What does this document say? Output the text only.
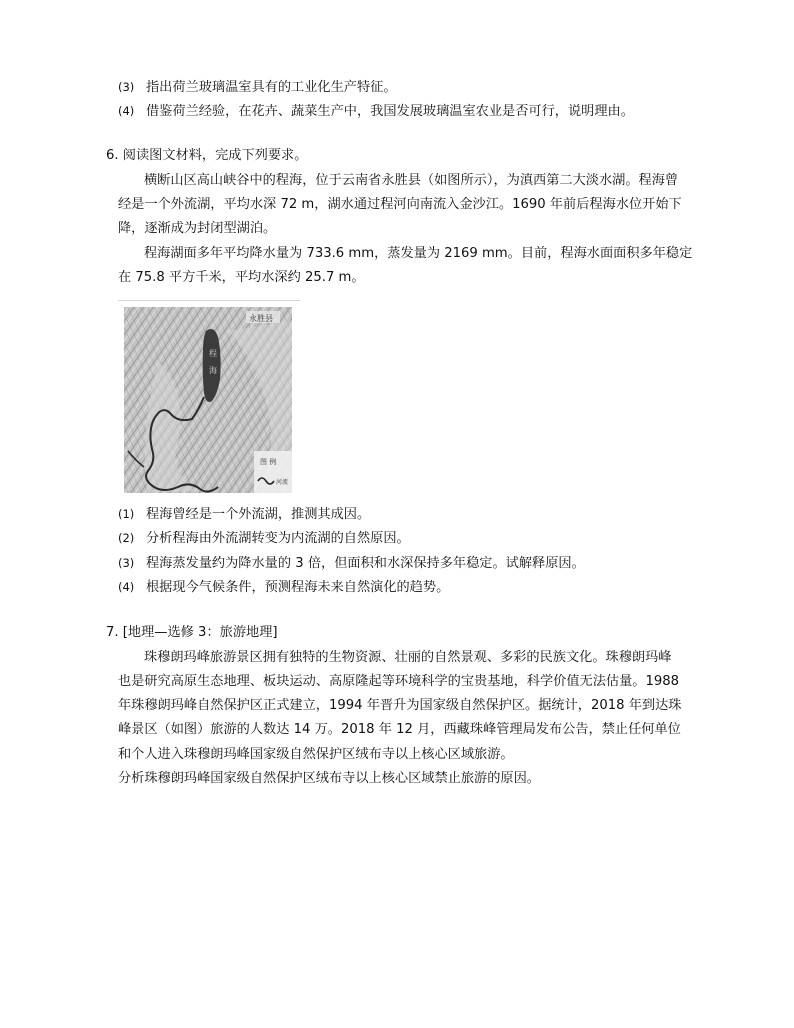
(3) 指出荷兰玻璃温室具有的工业化生产特征。
(4) 借鉴荷兰经验，在花卉、蔬菜生产中，我国发展玻璃温室农业是否可行，说明理由。
6. 阅读图文材料，完成下列要求。
横断山区高山峡谷中的程海，位于云南省永胜县（如图所示），为滇西第二大淡水湖。程海曾
经是一个外流湖，平均水深 72 m，湖水通过程河向南流入金沙江。1690 年前后程海水位开始下
降，逐渐成为封闭型湖泊。
程海湖面多年平均降水量为 733.6 mm，蒸发量为 2169 mm。目前，程海水面面积多年稳定
在 75.8 平方千米，平均水深约 25.7 m。
程
海
永胜县
图 例
河流
(1) 程海曾经是一个外流湖，推测其成因。
(2) 分析程海由外流湖转变为内流湖的自然原因。
(3) 程海蒸发量约为降水量的 3 倍，但面积和水深保持多年稳定。试解释原因。
(4) 根据现今气候条件，预测程海未来自然演化的趋势。
7. [地理—选修 3：旅游地理]
珠穆朗玛峰旅游景区拥有独特的生物资源、壮丽的自然景观、多彩的民族文化。珠穆朗玛峰
也是研究高原生态地理、板块运动、高原隆起等环境科学的宝贵基地，科学价值无法估量。1988
年珠穆朗玛峰自然保护区正式建立，1994 年晋升为国家级自然保护区。据统计，2018 年到达珠
峰景区（如图）旅游的人数达 14 万。2018 年 12 月，西藏珠峰管理局发布公告，禁止任何单位
和个人进入珠穆朗玛峰国家级自然保护区绒布寺以上核心区域旅游。
分析珠穆朗玛峰国家级自然保护区绒布寺以上核心区域禁止旅游的原因。
